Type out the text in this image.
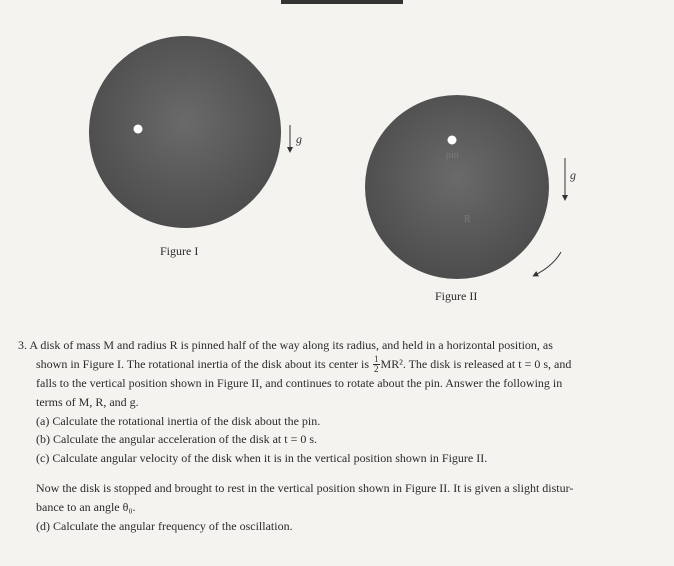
M
g
pin
M
R
g
Figure I
Figure II

3. A disk of mass M and radius R is pinned half of the way along its radius, and held in a horizontal position, as

shown in Figure I. The rotational inertia of the disk about its center is $\frac{1}{2} MR^2$. The disk is released at t = 0 s, and

falls to the vertical position shown in Figure II, and continues to rotate about the pin. Answer the following in

terms of M, R, and g.

(a) Calculate the rotational inertia of the disk about the pin.

(b) Calculate the angular acceleration of the disk at t = 0 s.

(c) Calculate angular velocity of the disk when it is in the vertical position shown in Figure II.

Now the disk is stopped and brought to rest in the vertical position shown in Figure II. It is given a slight distur-

bance to an angle θ₀.

(d) Calculate the angular frequency of the oscillation.
